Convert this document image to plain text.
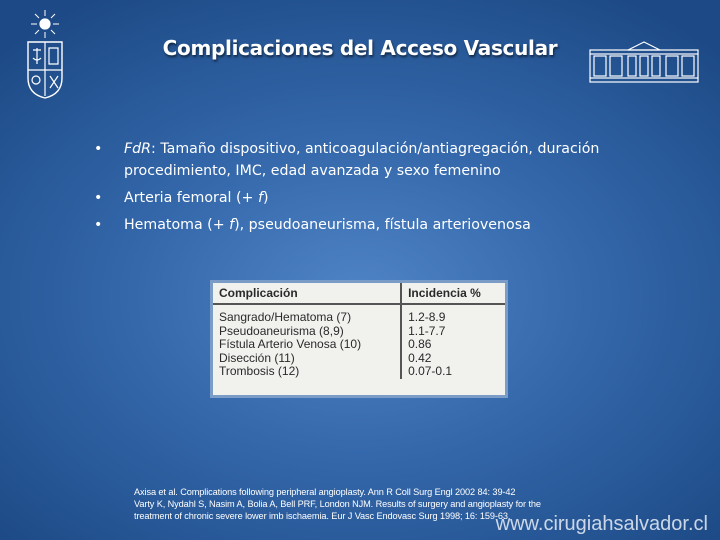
Complicaciones del Acceso Vascular
• FdR: Tamaño dispositivo, anticoagulación/antiagregación, duración procedimiento, IMC, edad avanzada y sexo femenino
• Arteria femoral (+ f)
• Hematoma (+ f), pseudoaneurisma, fístula arteriovenosa
Complicación	Incidencia %
Sangrado/Hematoma (7)	1.2-8.9
Pseudoaneurisma (8,9)	1.1-7.7
Fístula Arterio Venosa (10)	0.86
Disección (11)	0.42
Trombosis (12)	0.07-0.1
Axisa et al. Complications following peripheral angioplasty. Ann R Coll Surg Engl 2002 84: 39-42
Varty K, Nydahl S, Nasim A, Bolia A, Bell PRF, London NJM. Results of surgery and angioplasty for the
treatment of chronic severe lower imb ischaemia. Eur J Vasc Endovasc Surg 1998; 16: 159-63.
www.cirugiahsalvador.cl
